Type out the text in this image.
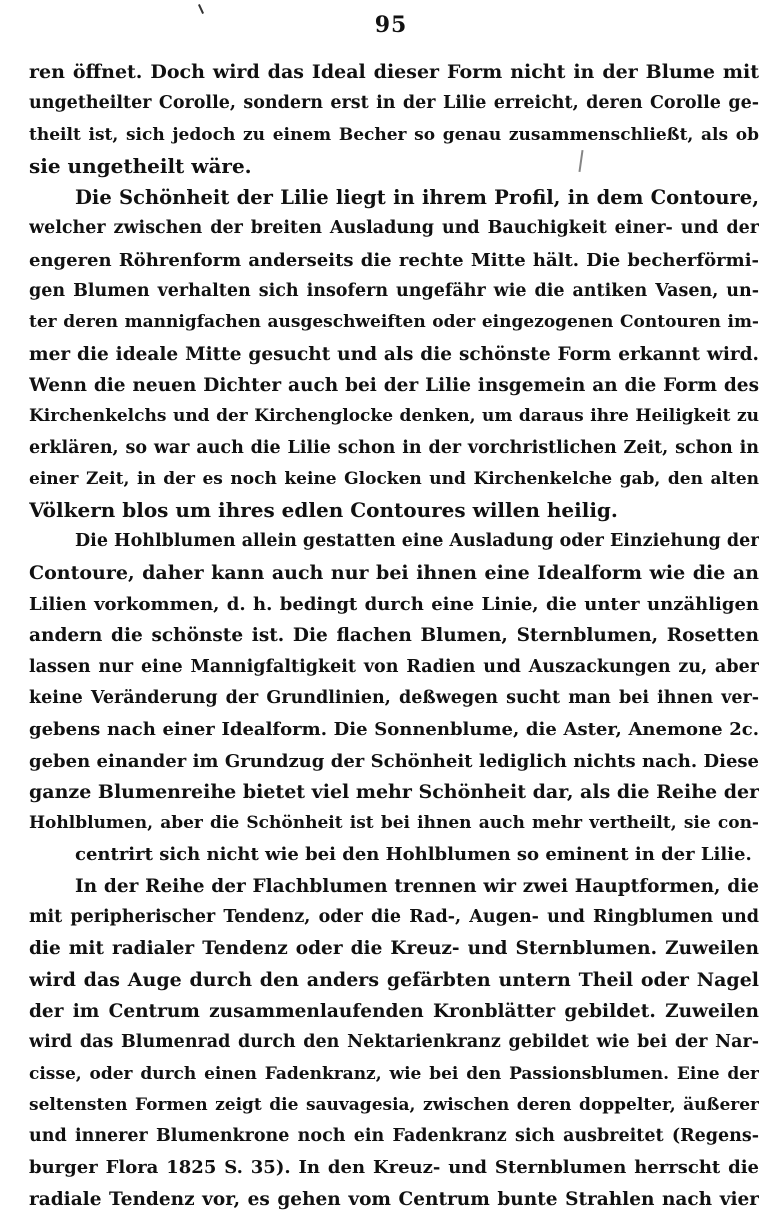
95
ren öffnet. Doch wird das Ideal dieser Form nicht in der Blume mit
ungetheilter Corolle, sondern erst in der Lilie erreicht, deren Corolle ge-
theilt ist, sich jedoch zu einem Becher so genau zusammenschließt, als ob
sie ungetheilt wäre.
Die Schönheit der Lilie liegt in ihrem Profil, in dem Contoure,
welcher zwischen der breiten Ausladung und Bauchigkeit einer- und der
engeren Röhrenform anderseits die rechte Mitte hält. Die becherförmi-
gen Blumen verhalten sich insofern ungefähr wie die antiken Vasen, un-
ter deren mannigfachen ausgeschweiften oder eingezogenen Contouren im-
mer die ideale Mitte gesucht und als die schönste Form erkannt wird.
Wenn die neuen Dichter auch bei der Lilie insgemein an die Form des
Kirchenkelchs und der Kirchenglocke denken, um daraus ihre Heiligkeit zu
erklären, so war auch die Lilie schon in der vorchristlichen Zeit, schon in
einer Zeit, in der es noch keine Glocken und Kirchenkelche gab, den alten
Völkern blos um ihres edlen Contoures willen heilig.
Die Hohlblumen allein gestatten eine Ausladung oder Einziehung der
Contoure, daher kann auch nur bei ihnen eine Idealform wie die an
Lilien vorkommen, d. h. bedingt durch eine Linie, die unter unzähligen
andern die schönste ist. Die flachen Blumen, Sternblumen, Rosetten
lassen nur eine Mannigfaltigkeit von Radien und Auszackungen zu, aber
keine Veränderung der Grundlinien, deßwegen sucht man bei ihnen ver-
gebens nach einer Idealform. Die Sonnenblume, die Aster, Anemone 2c.
geben einander im Grundzug der Schönheit lediglich nichts nach. Diese
ganze Blumenreihe bietet viel mehr Schönheit dar, als die Reihe der
Hohlblumen, aber die Schönheit ist bei ihnen auch mehr vertheilt, sie con-
centrirt sich nicht wie bei den Hohlblumen so eminent in der Lilie.
In der Reihe der Flachblumen trennen wir zwei Hauptformen, die
mit peripherischer Tendenz, oder die Rad-, Augen- und Ringblumen und
die mit radialer Tendenz oder die Kreuz- und Sternblumen. Zuweilen
wird das Auge durch den anders gefärbten untern Theil oder Nagel
der im Centrum zusammenlaufenden Kronblätter gebildet. Zuweilen
wird das Blumenrad durch den Nektarienkranz gebildet wie bei der Nar-
cisse, oder durch einen Fadenkranz, wie bei den Passionsblumen. Eine der
seltensten Formen zeigt die sauvagesia, zwischen deren doppelter, äußerer
und innerer Blumenkrone noch ein Fadenkranz sich ausbreitet (Regens-
burger Flora 1825 S. 35). In den Kreuz- und Sternblumen herrscht die
radiale Tendenz vor, es gehen vom Centrum bunte Strahlen nach vier
